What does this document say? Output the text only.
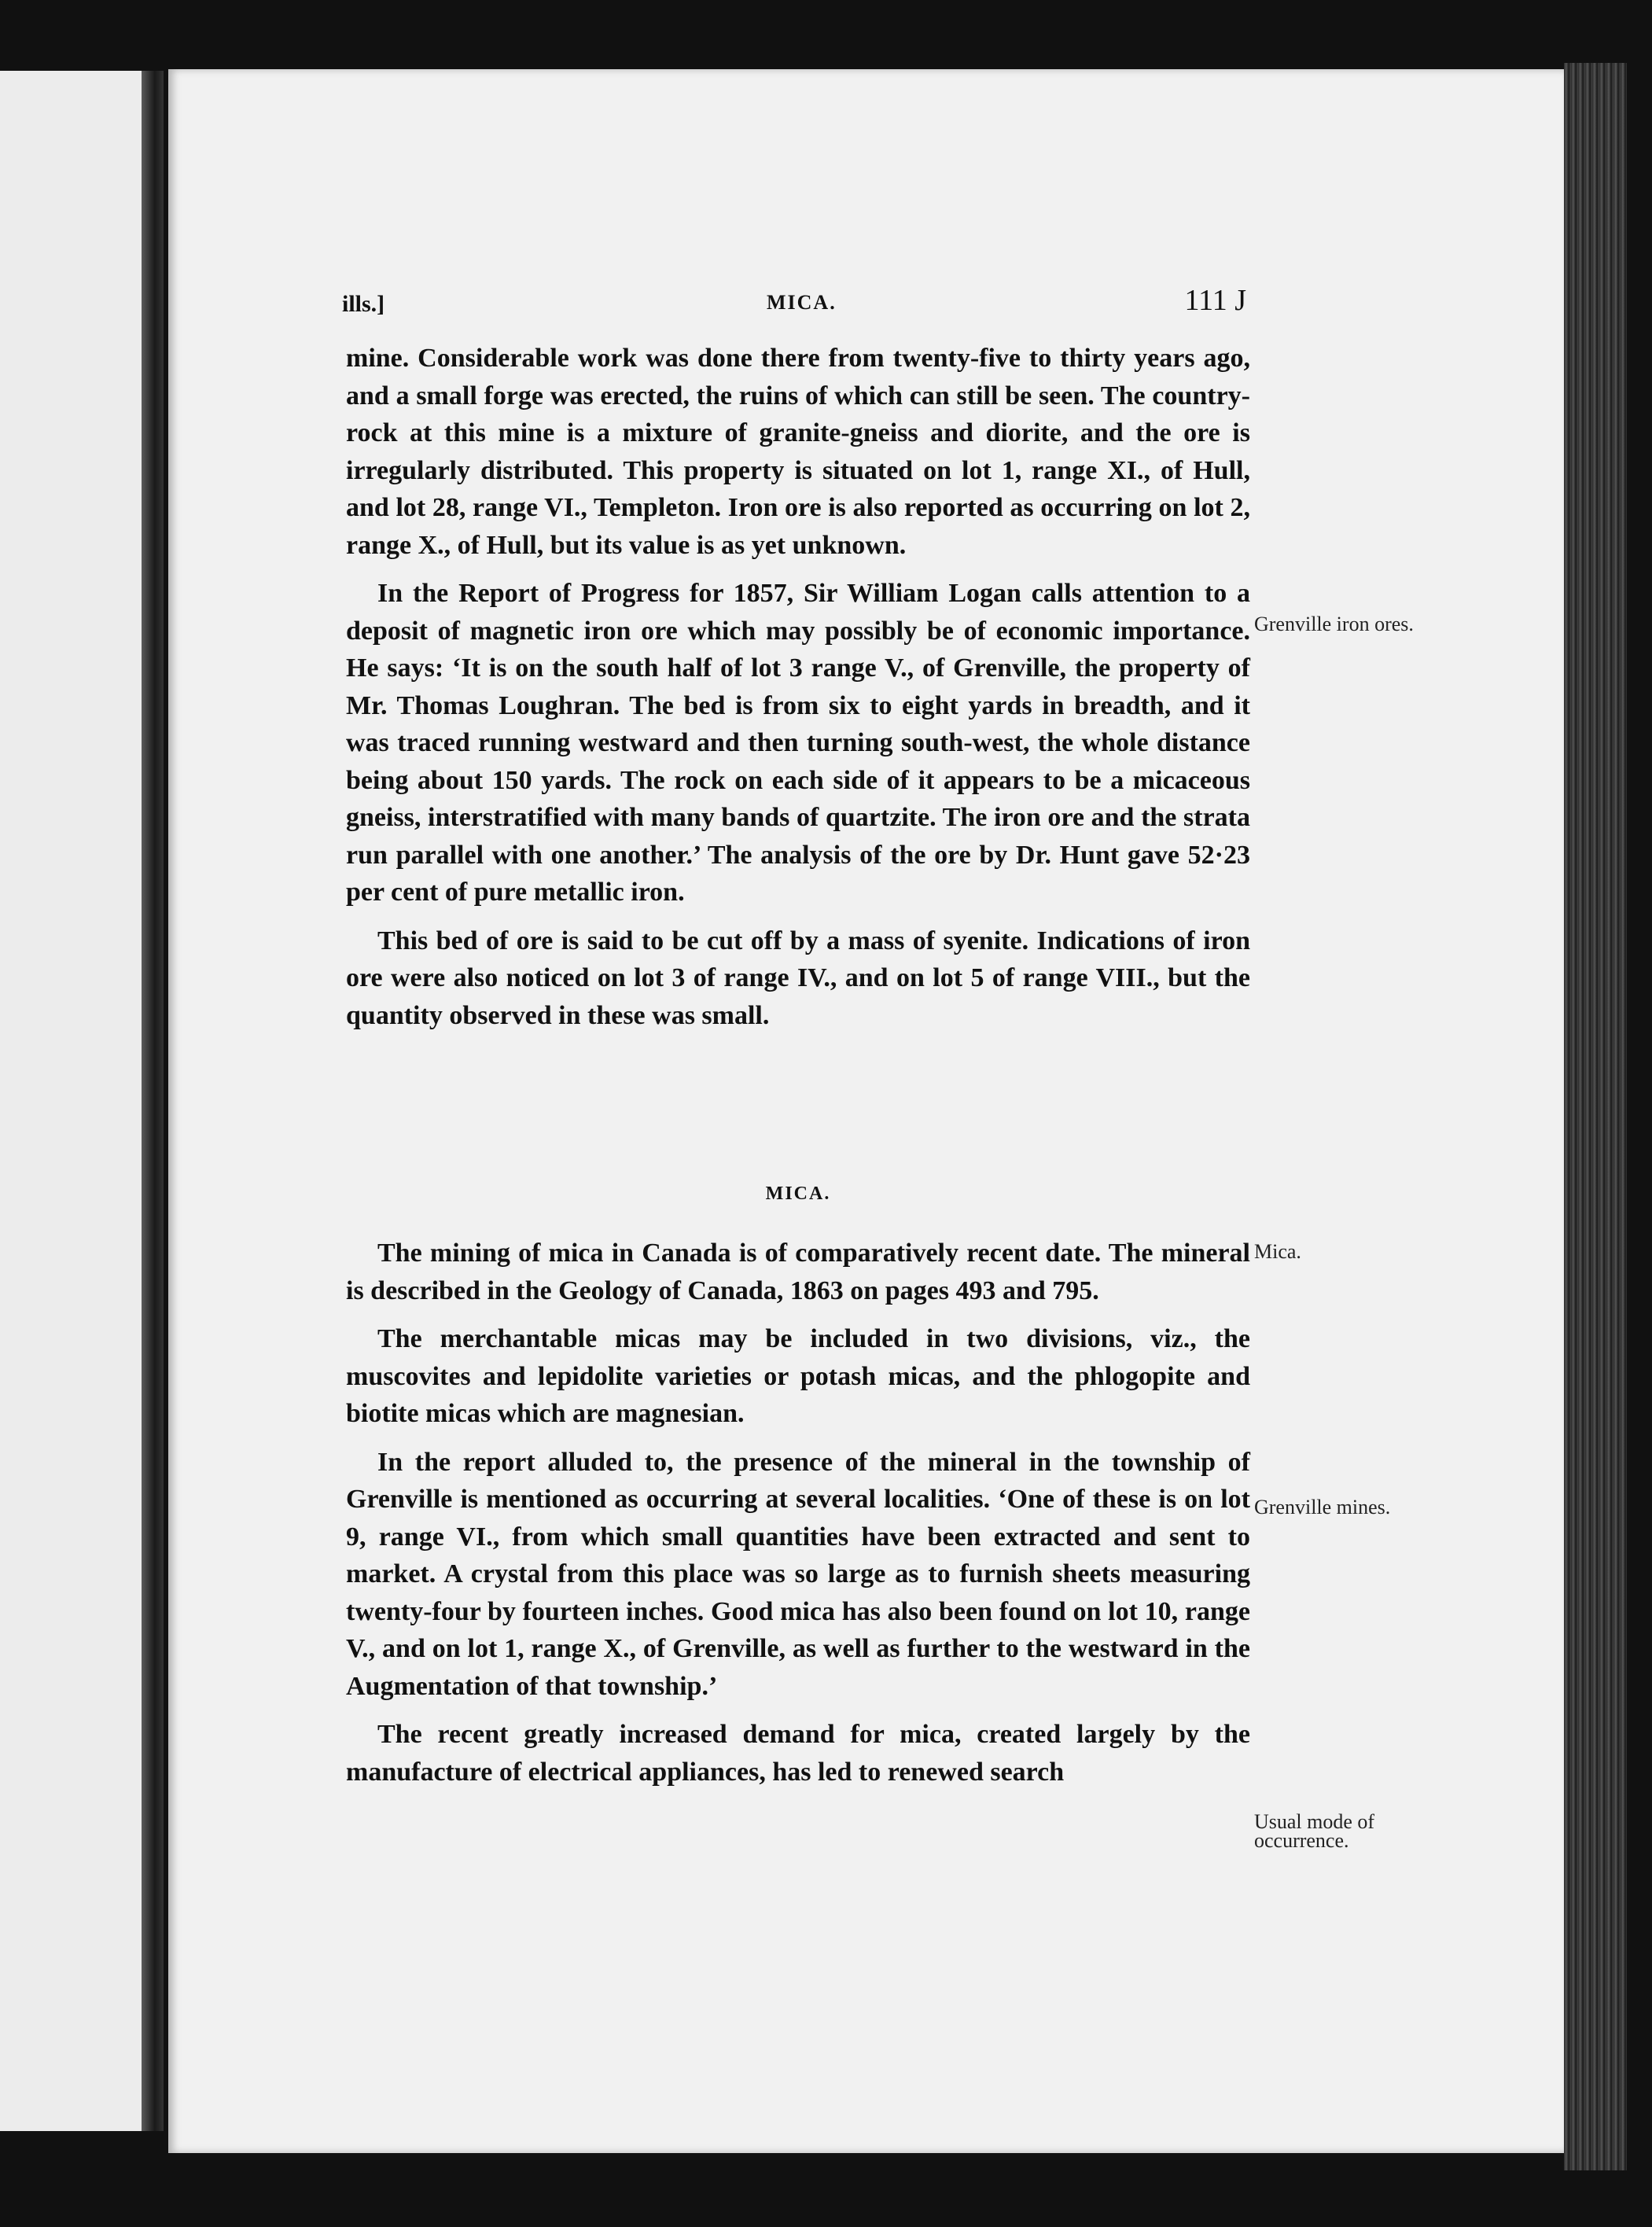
ills.]	MICA.	111 J

mine. Considerable work was done there from twenty-five to thirty years ago, and a small forge was erected, the ruins of which can still be seen. The country-rock at this mine is a mixture of granite-gneiss and diorite, and the ore is irregularly distributed. This property is situated on lot 1, range XI., of Hull, and lot 28, range VI., Templeton. Iron ore is also reported as occurring on lot 2, range X., of Hull, but its value is as yet unknown.

In the Report of Progress for 1857, Sir William Logan calls attention to a deposit of magnetic iron ore which may possibly be of economic importance. He says: ‘It is on the south half of lot 3 range V., of Grenville, the property of Mr. Thomas Loughran. The bed is from six to eight yards in breadth, and it was traced running westward and then turning south-west, the whole distance being about 150 yards. The rock on each side of it appears to be a micaceous gneiss, interstratified with many bands of quartzite. The iron ore and the strata run parallel with one another.’ The analysis of the ore by Dr. Hunt gave 52·23 per cent of pure metallic iron.

This bed of ore is said to be cut off by a mass of syenite. Indications of iron ore were also noticed on lot 3 of range IV., and on lot 5 of range VIII., but the quantity observed in these was small.

MICA.

The mining of mica in Canada is of comparatively recent date. The mineral is described in the Geology of Canada, 1863 on pages 493 and 795.

The merchantable micas may be included in two divisions, viz., the muscovites and lepidolite varieties or potash micas, and the phlogopite and biotite micas which are magnesian.

In the report alluded to, the presence of the mineral in the township of Grenville is mentioned as occurring at several localities. ‘One of these is on lot 9, range VI., from which small quantities have been extracted and sent to market. A crystal from this place was so large as to furnish sheets measuring twenty-four by fourteen inches. Good mica has also been found on lot 10, range V., and on lot 1, range X., of Grenville, as well as further to the westward in the Augmentation of that township.’

The recent greatly increased demand for mica, created largely by the manufacture of electrical appliances, has led to renewed search

Grenville iron ores.
Mica.
Grenville mines.
Usual mode of occurrence.
